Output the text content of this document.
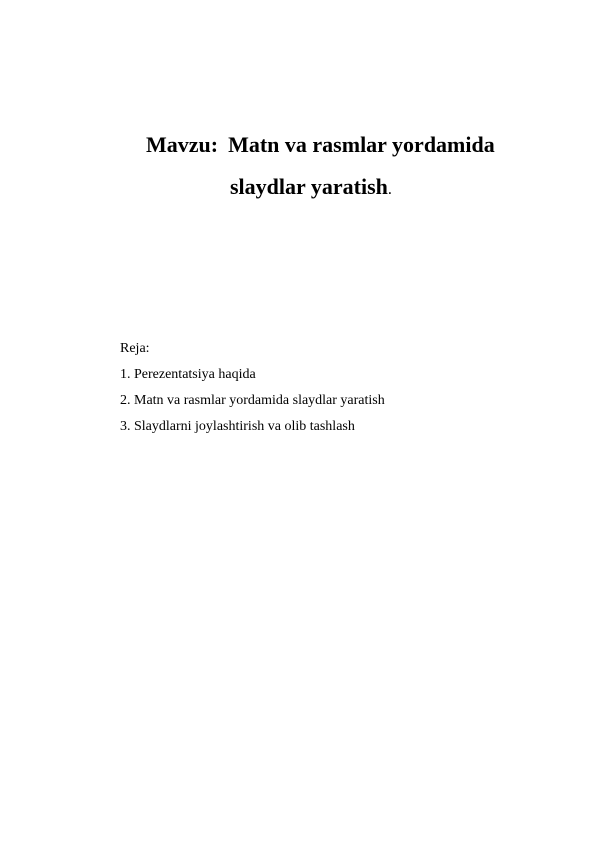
Mavzu: Matn va rasmlar yordamida
slaydlar yaratish.
Reja:
1. Perezentatsiya haqida
2. Matn va rasmlar yordamida slaydlar yaratish
3. Slaydlarni joylashtirish va olib tashlash
